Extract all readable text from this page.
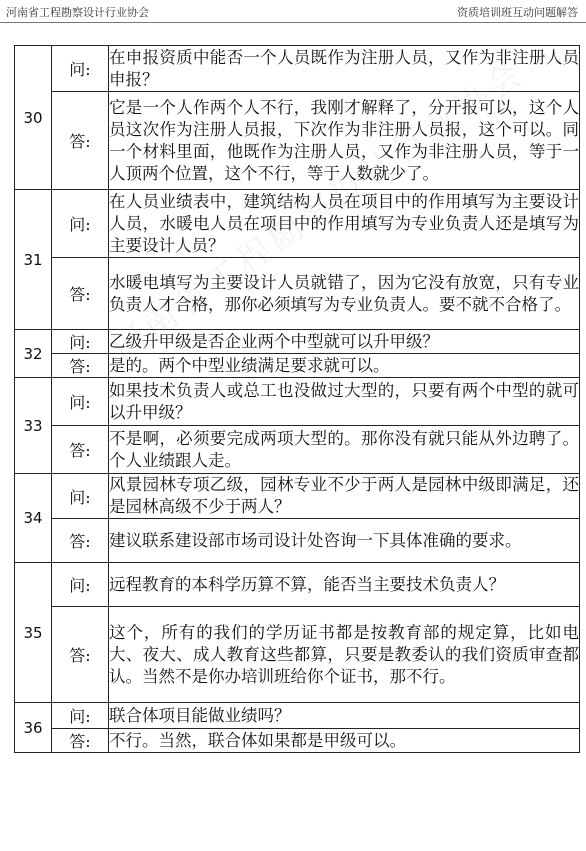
河南省工程勘察设计行业协会	资质培训班互动问题解答
30	问:	在申报资质中能否一个人员既作为注册人员，又作为非注册人员申报？
	答:	它是一个人作两个人不行，我刚才解释了，分开报可以，这个人员这次作为注册人员报，下次作为非注册人员报，这个可以。同一个材料里面，他既作为注册人员，又作为非注册人员，等于一人顶两个位置，这个不行，等于人数就少了。
31	问:	在人员业绩表中，建筑结构人员在项目中的作用填写为主要设计人员，水暖电人员在项目中的作用填写为专业负责人还是填写为主要设计人员？
	答:	水暖电填写为主要设计人员就错了，因为它没有放宽，只有专业负责人才合格，那你必须填写为专业负责人。要不就不合格了。
32	问:	乙级升甲级是否企业两个中型就可以升甲级？
	答:	是的。两个中型业绩满足要求就可以。
33	问:	如果技术负责人或总工也没做过大型的，只要有两个中型的就可以升甲级？
	答:	不是啊，必须要完成两项大型的。那你没有就只能从外边聘了。个人业绩跟人走。
34	问:	风景园林专项乙级，园林专业不少于两人是园林中级即满足，还是园林高级不少于两人？
	答:	建议联系建设部市场司设计处咨询一下具体准确的要求。
35	问:	远程教育的本科学历算不算，能否当主要技术负责人？
	答:	这个，所有的我们的学历证书都是按教育部的规定算，比如电大、夜大、成人教育这些都算，只要是教委认的我们资质审查都认。当然不是你办培训班给你个证书，那不行。
36	问:	联合体项目能做业绩吗？
	答:	不行。当然，联合体如果都是甲级可以。
